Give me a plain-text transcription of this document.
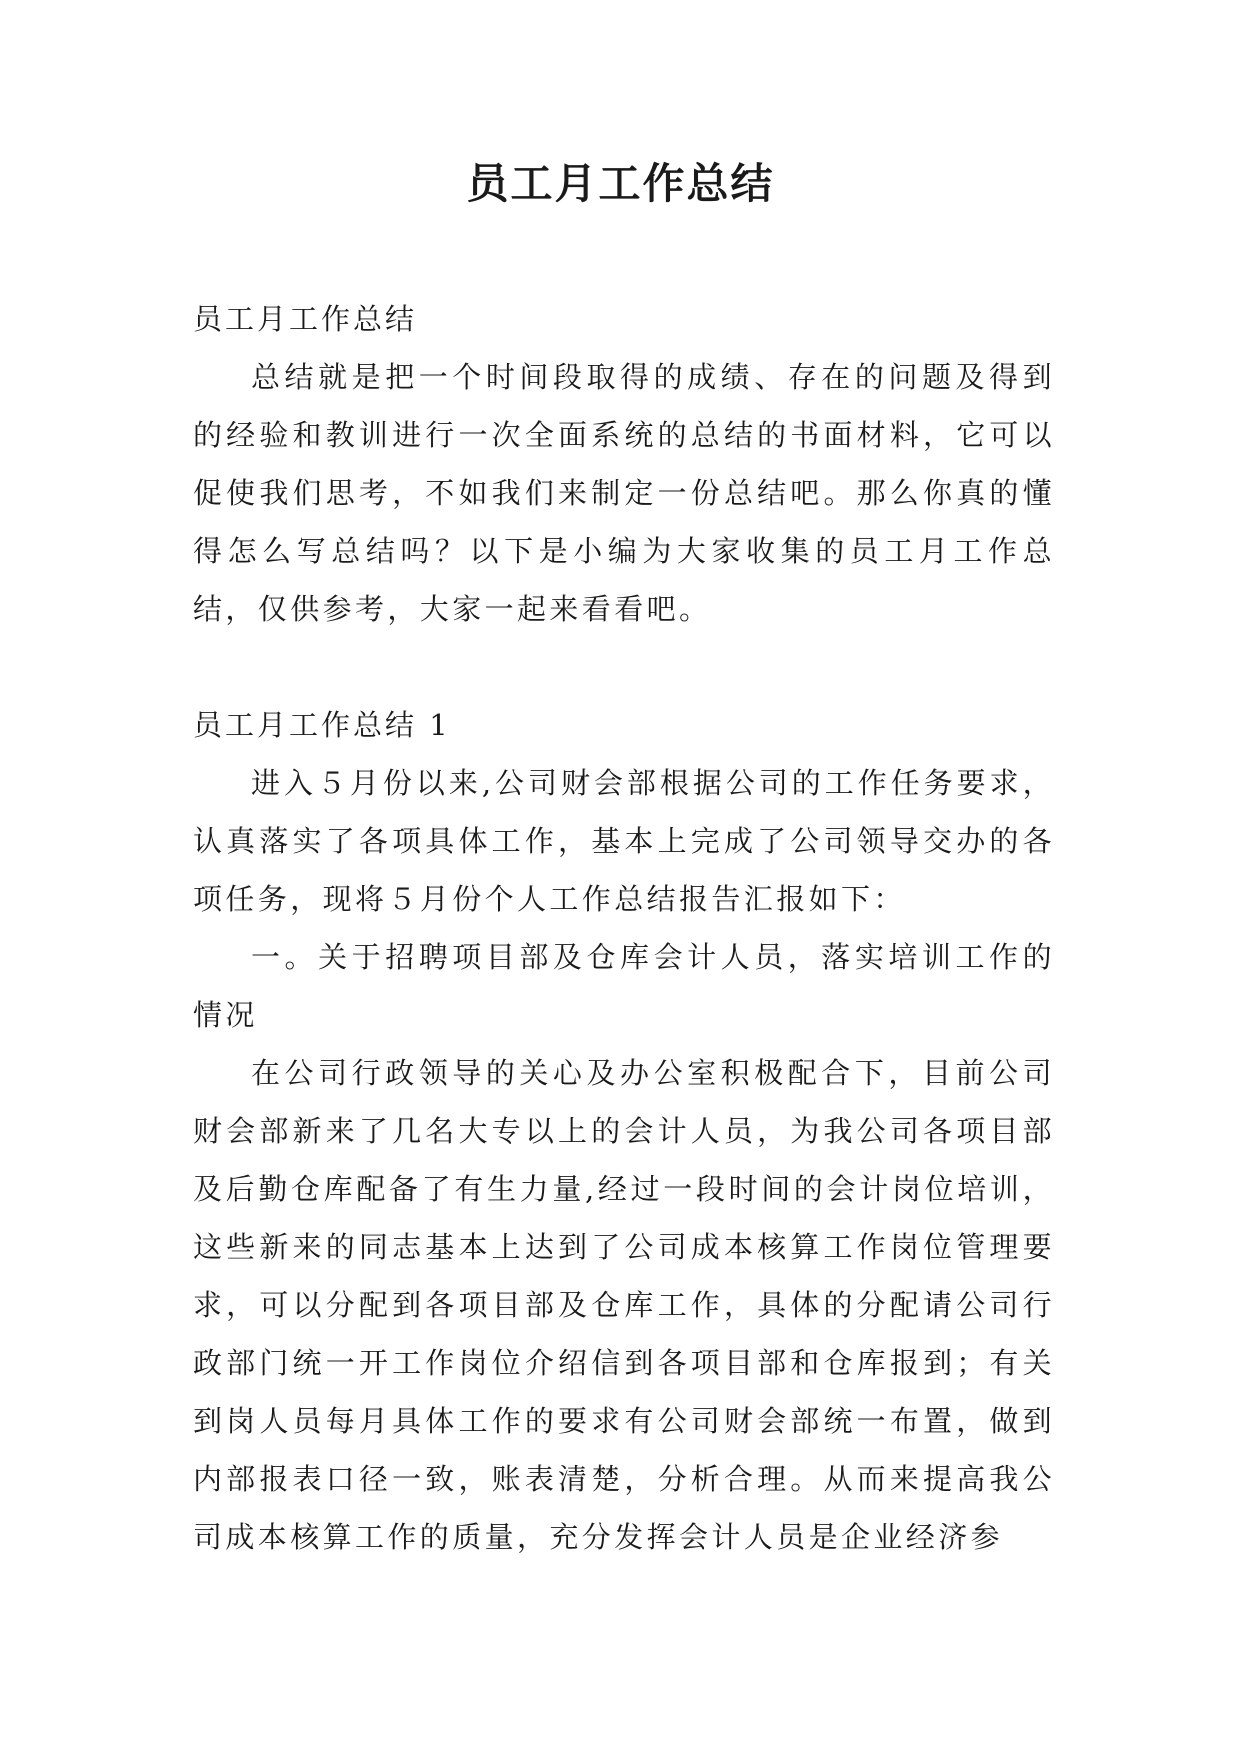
员工月工作总结

员工月工作总结

总结就是把一个时间段取得的成绩、存在的问题及得到的经验和教训进行一次全面系统的总结的书面材料，它可以促使我们思考，不如我们来制定一份总结吧。那么你真的懂得怎么写总结吗？以下是小编为大家收集的员工月工作总结，仅供参考，大家一起来看看吧。

员工月工作总结 1

进入５月份以来,公司财会部根据公司的工作任务要求，认真落实了各项具体工作，基本上完成了公司领导交办的各项任务，现将５月份个人工作总结报告汇报如下：

一。关于招聘项目部及仓库会计人员，落实培训工作的情况

在公司行政领导的关心及办公室积极配合下，目前公司财会部新来了几名大专以上的会计人员，为我公司各项目部及后勤仓库配备了有生力量,经过一段时间的会计岗位培训，这些新来的同志基本上达到了公司成本核算工作岗位管理要求，可以分配到各项目部及仓库工作，具体的分配请公司行政部门统一开工作岗位介绍信到各项目部和仓库报到；有关到岗人员每月具体工作的要求有公司财会部统一布置，做到内部报表口径一致，账表清楚，分析合理。从而来提高我公司成本核算工作的质量，充分发挥会计人员是企业经济参
